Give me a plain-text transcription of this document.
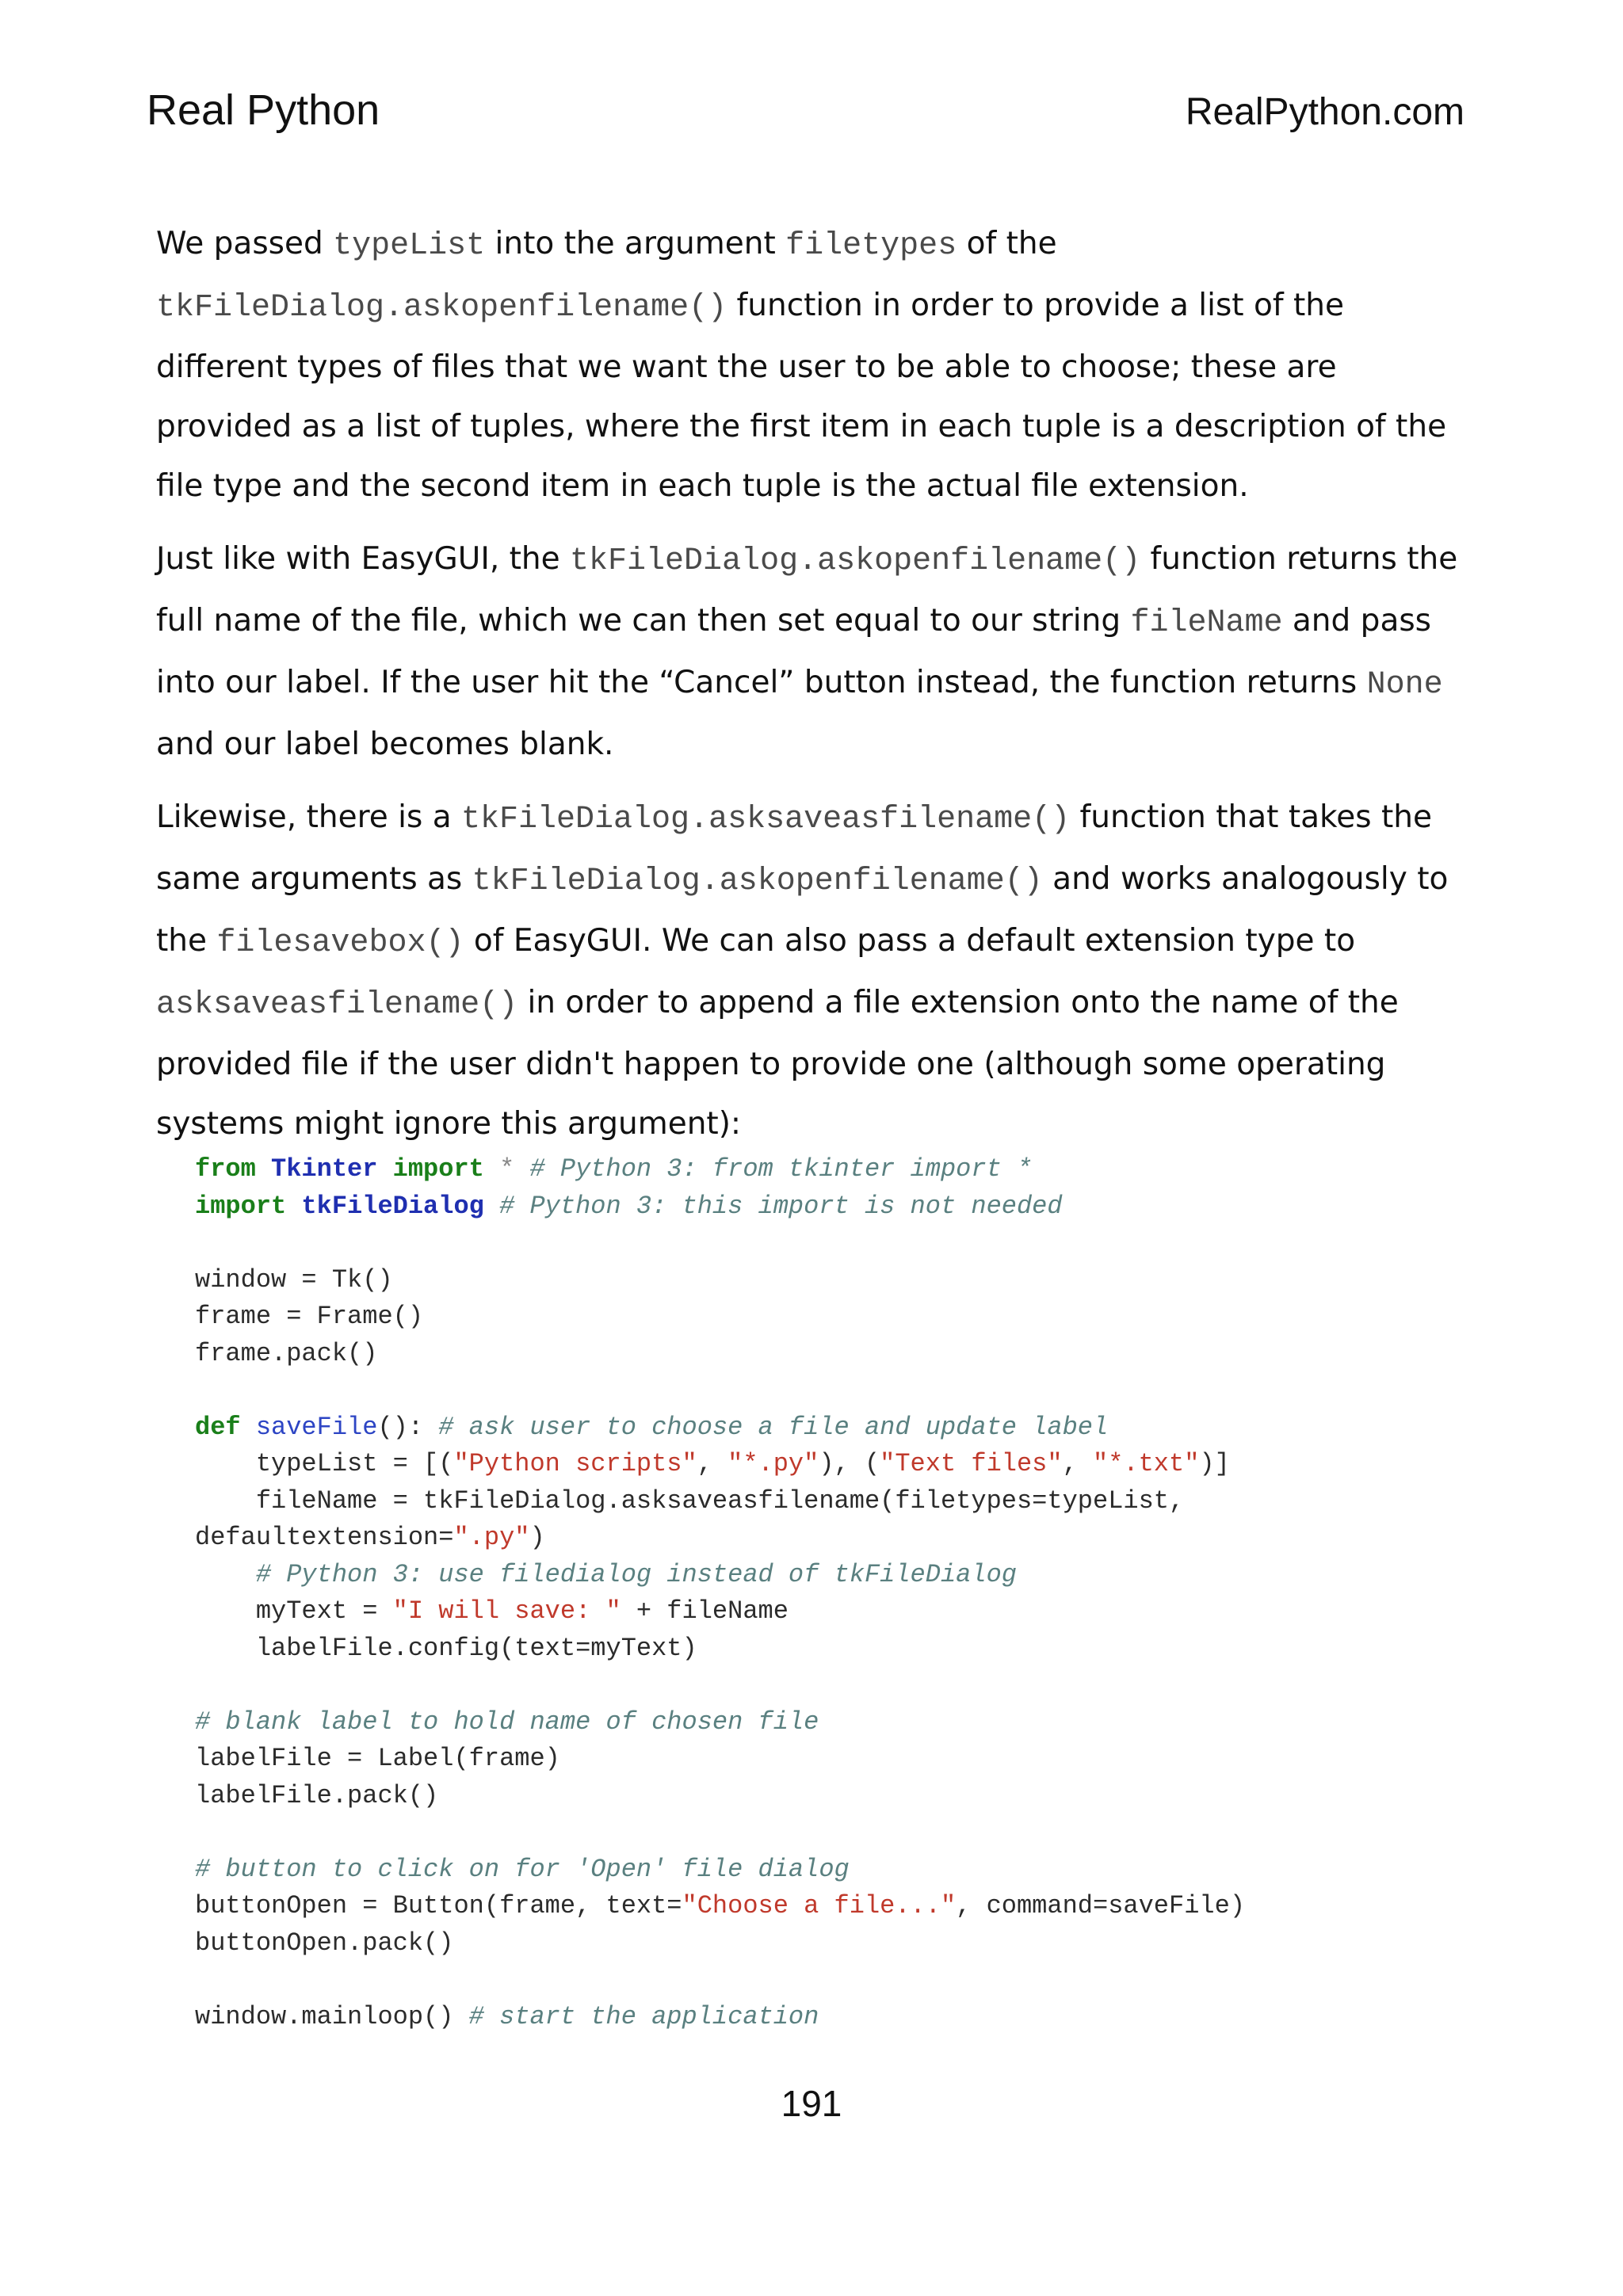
Real Python	RealPython.com

We passed typeList into the argument filetypes of the
tkFileDialog.askopenfilename() function in order to provide a list of the different types of files that we want the user to be able to choose; these are provided as a list of tuples, where the first item in each tuple is a description of the file type and the second item in each tuple is the actual file extension.

Just like with EasyGUI, the tkFileDialog.askopenfilename() function returns the full name of the file, which we can then set equal to our string fileName and pass into our label. If the user hit the “Cancel” button instead, the function returns None and our label becomes blank.

Likewise, there is a tkFileDialog.asksaveasfilename() function that takes the same arguments as tkFileDialog.askopenfilename() and works analogously to the filesavebox() of EasyGUI. We can also pass a default extension type to
asksaveasfilename() in order to append a file extension onto the name of the provided file if the user didn't happen to provide one (although some operating systems might ignore this argument):

from Tkinter import * # Python 3: from tkinter import *
import tkFileDialog # Python 3: this import is not needed

window = Tk()
frame = Frame()
frame.pack()

def saveFile(): # ask user to choose a file and update label
typeList = [("Python scripts", "*.py"), ("Text files", "*.txt")]
fileName = tkFileDialog.asksaveasfilename(filetypes=typeList,
defaultextension=".py")
# Python 3: use filedialog instead of tkFileDialog
myText = "I will save: " + fileName
labelFile.config(text=myText)

# blank label to hold name of chosen file
labelFile = Label(frame)
labelFile.pack()

# button to click on for 'Open' file dialog
buttonOpen = Button(frame, text="Choose a file...", command=saveFile)
buttonOpen.pack()

window.mainloop() # start the application
191
